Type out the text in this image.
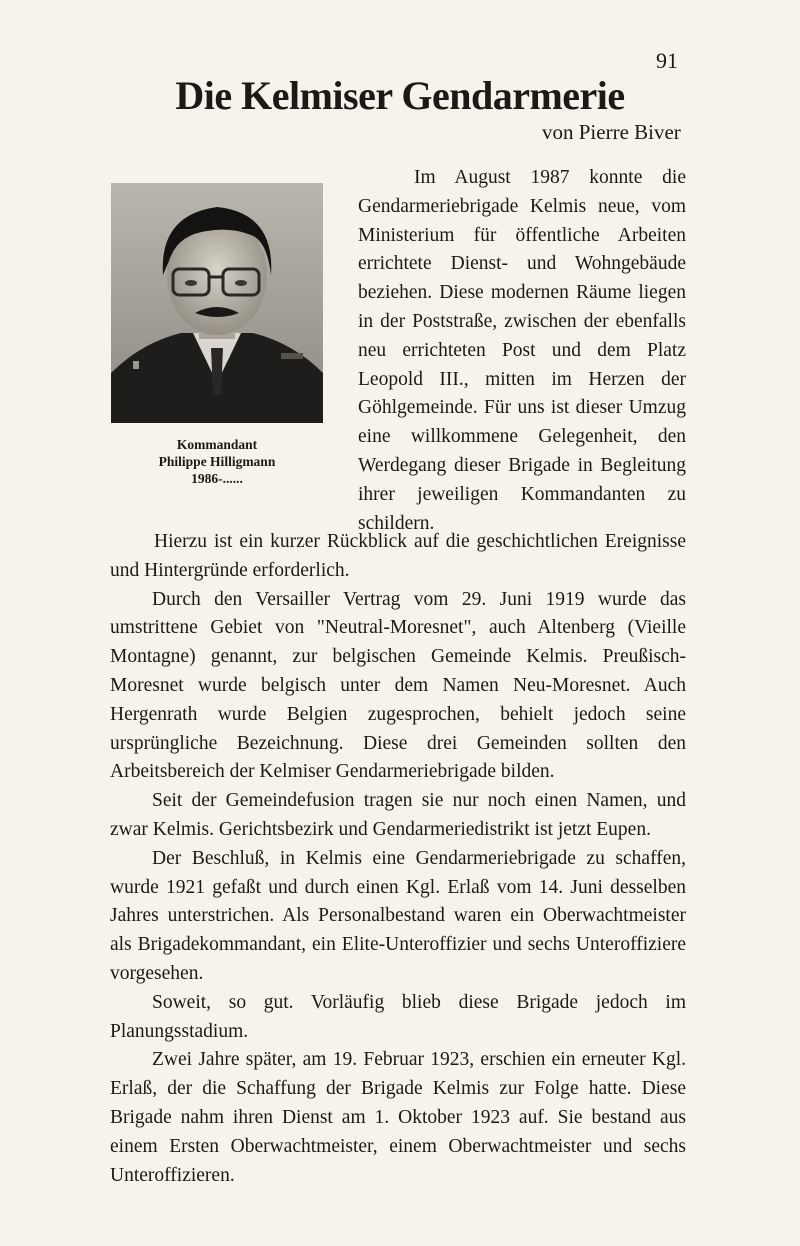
91
Die Kelmiser Gendarmerie
von Pierre Biver
Kommandant
Philippe Hilligmann
1986-......

Im August 1987 konnte die Gendarmeriebrigade Kelmis neue, vom Ministerium für öffentliche Arbeiten errichtete Dienst- und Wohngebäude beziehen. Diese modernen Räume liegen in der Poststraße, zwischen der ebenfalls neu errichteten Post und dem Platz Leopold III., mitten im Herzen der Göhlgemeinde. Für uns ist dieser Umzug eine willkommene Gelegenheit, den Werdegang dieser Brigade in Begleitung ihrer jeweiligen Kommandanten zu schildern.

Hierzu ist ein kurzer Rückblick auf die geschichtlichen Ereignisse und Hintergründe erforderlich.

Durch den Versailler Vertrag vom 29. Juni 1919 wurde das umstrittene Gebiet von "Neutral-Moresnet", auch Altenberg (Vieille Montagne) genannt, zur belgischen Gemeinde Kelmis. Preußisch-Moresnet wurde belgisch unter dem Namen Neu-Moresnet. Auch Hergenrath wurde Belgien zugesprochen, behielt jedoch seine ursprüngliche Bezeichnung. Diese drei Gemeinden sollten den Arbeitsbereich der Kelmiser Gendarmeriebrigade bilden.

Seit der Gemeindefusion tragen sie nur noch einen Namen, und zwar Kelmis. Gerichtsbezirk und Gendarmeriedistrikt ist jetzt Eupen.

Der Beschluß, in Kelmis eine Gendarmeriebrigade zu schaffen, wurde 1921 gefaßt und durch einen Kgl. Erlaß vom 14. Juni desselben Jahres unterstrichen. Als Personalbestand waren ein Oberwachtmeister als Brigadekommandant, ein Elite-Unteroffizier und sechs Unteroffiziere vorgesehen.

Soweit, so gut. Vorläufig blieb diese Brigade jedoch im Planungsstadium.

Zwei Jahre später, am 19. Februar 1923, erschien ein erneuter Kgl. Erlaß, der die Schaffung der Brigade Kelmis zur Folge hatte. Diese Brigade nahm ihren Dienst am 1. Oktober 1923 auf. Sie bestand aus einem Ersten Oberwachtmeister, einem Oberwachtmeister und sechs Unteroffizieren.
